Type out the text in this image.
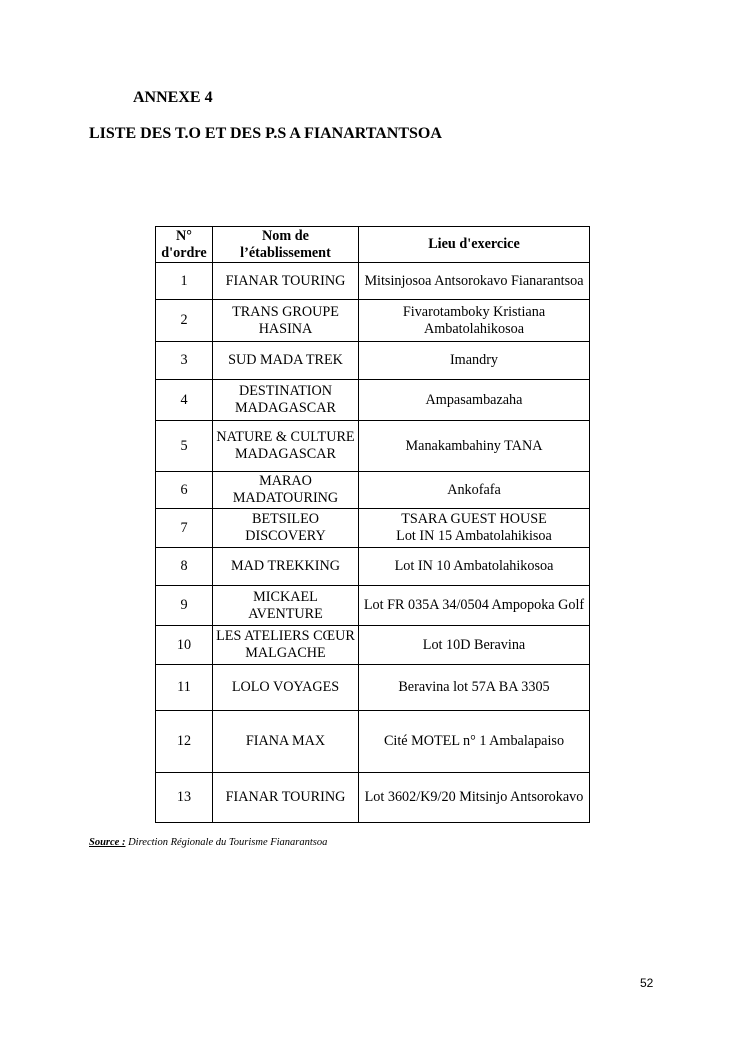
ANNEXE 4

LISTE DES T.O ET DES P.S A FIANARTANTSOA
N° d'ordre	Nom de l’établissement	Lieu d'exercice
1	FIANAR TOURING	Mitsinjosoa Antsorokavo Fianarantsoa
2	TRANS GROUPE HASINA	Fivarotamboky Kristiana Ambatolahikosoa
3	SUD MADA TREK	Imandry
4	DESTINATION MADAGASCAR	Ampasambazaha
5	NATURE & CULTURE MADAGASCAR	Manakambahiny TANA
6	MARAO MADATOURING	Ankofafa
7	BETSILEO DISCOVERY	TSARA GUEST HOUSE
Lot IN 15 Ambatolahikisoa
8	MAD TREKKING	Lot IN 10 Ambatolahikosoa
9	MICKAEL AVENTURE	Lot FR 035A 34/0504 Ampopoka Golf
10	LES ATELIERS CŒUR MALGACHE	Lot 10D Beravina
11	LOLO VOYAGES	Beravina lot 57A BA 3305
12	FIANA MAX	Cité MOTEL n° 1 Ambalapaiso
13	FIANAR TOURING	Lot 3602/K9/20 Mitsinjo Antsorokavo

Source : Direction Régionale du Tourisme Fianarantsoa

52
